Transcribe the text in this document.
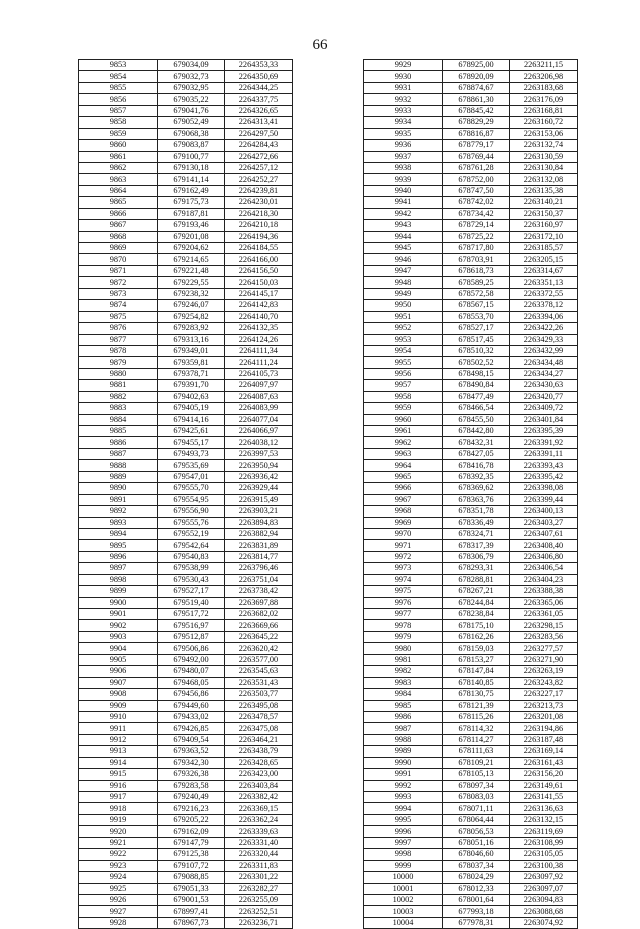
66
9853	679034,09	2264353,33
9854	679032,73	2264350,69
9855	679032,95	2264344,25
9856	679035,22	2264337,75
9857	679041,76	2264326,65
9858	679052,49	2264313,41
9859	679068,38	2264297,50
9860	679083,87	2264284,43
9861	679100,77	2264272,66
9862	679130,18	2264257,12
9863	679141,14	2264252,27
9864	679162,49	2264239,81
9865	679175,73	2264230,01
9866	679187,81	2264218,30
9867	679193,46	2264210,18
9868	679201,08	2264194,36
9869	679204,62	2264184,55
9870	679214,65	2264166,00
9871	679221,48	2264156,50
9872	679229,55	2264150,03
9873	679238,32	2264145,17
9874	679246,07	2264142,83
9875	679254,82	2264140,70
9876	679283,92	2264132,35
9877	679313,16	2264124,26
9878	679349,01	2264111,34
9879	679359,81	2264111,24
9880	679378,71	2264105,73
9881	679391,70	2264097,97
9882	679402,63	2264087,63
9883	679405,19	2264083,99
9884	679414,16	2264077,04
9885	679425,61	2264066,97
9886	679455,17	2264038,12
9887	679493,73	2263997,53
9888	679535,69	2263950,94
9889	679547,01	2263936,42
9890	679555,70	2263929,44
9891	679554,95	2263915,49
9892	679556,90	2263903,21
9893	679555,76	2263894,83
9894	679552,19	2263882,94
9895	679542,64	2263831,89
9896	679540,83	2263814,77
9897	679538,99	2263796,46
9898	679530,43	2263751,04
9899	679527,17	2263738,42
9900	679519,40	2263697,88
9901	679517,72	2263682,02
9902	679516,97	2263669,66
9903	679512,87	2263645,22
9904	679506,86	2263620,42
9905	679492,00	2263577,00
9906	679480,07	2263545,63
9907	679468,05	2263531,43
9908	679456,86	2263503,77
9909	679449,60	2263495,08
9910	679433,02	2263478,57
9911	679426,85	2263475,08
9912	679409,54	2263464,21
9913	679363,52	2263438,79
9914	679342,30	2263428,65
9915	679326,38	2263423,00
9916	679283,58	2263403,84
9917	679240,49	2263382,42
9918	679216,23	2263369,15
9919	679205,22	2263362,24
9920	679162,09	2263339,63
9921	679147,79	2263331,40
9922	679125,38	2263320,44
9923	679107,72	2263311,83
9924	679088,85	2263301,22
9925	679051,33	2263282,27
9926	679001,53	2263255,09
9927	678997,41	2263252,51
9928	678967,73	2263236,71
9929	678925,00	2263211,15
9930	678920,09	2263206,98
9931	678874,67	2263183,68
9932	678861,30	2263176,09
9933	678845,42	2263168,81
9934	678829,29	2263160,72
9935	678816,87	2263153,06
9936	678779,17	2263132,74
9937	678769,44	2263130,59
9938	678761,28	2263130,84
9939	678752,00	2263132,08
9940	678747,50	2263135,38
9941	678742,02	2263140,21
9942	678734,42	2263150,37
9943	678729,14	2263160,97
9944	678725,22	2263172,10
9945	678717,80	2263185,57
9946	678703,91	2263205,15
9947	678618,73	2263314,67
9948	678589,25	2263351,13
9949	678572,58	2263372,55
9950	678567,15	2263378,12
9951	678553,70	2263394,06
9952	678527,17	2263422,26
9953	678517,45	2263429,33
9954	678510,32	2263432,99
9955	678502,52	2263434,48
9956	678498,15	2263434,27
9957	678490,84	2263430,63
9958	678477,49	2263420,77
9959	678466,54	2263409,72
9960	678455,50	2263401,84
9961	678442,80	2263395,39
9962	678432,31	2263391,92
9963	678427,05	2263391,11
9964	678416,78	2263393,43
9965	678392,35	2263395,42
9966	678369,62	2263398,08
9967	678363,76	2263399,44
9968	678351,78	2263400,13
9969	678336,49	2263403,27
9970	678324,71	2263407,61
9971	678317,39	2263408,40
9972	678306,79	2263406,80
9973	678293,31	2263406,54
9974	678288,81	2263404,23
9975	678267,21	2263388,38
9976	678244,84	2263365,06
9977	678238,84	2263361,05
9978	678175,10	2263298,15
9979	678162,26	2263283,56
9980	678159,03	2263277,57
9981	678153,27	2263271,90
9982	678147,84	2263263,19
9983	678140,85	2263243,82
9984	678130,75	2263227,17
9985	678121,39	2263213,73
9986	678115,26	2263201,08
9987	678114,32	2263194,86
9988	678114,27	2263187,48
9989	678111,63	2263169,14
9990	678109,21	2263161,43
9991	678105,13	2263156,20
9992	678097,34	2263149,61
9993	678083,03	2263141,55
9994	678071,11	2263136,63
9995	678064,44	2263132,15
9996	678056,53	2263119,69
9997	678051,16	2263108,99
9998	678046,60	2263105,05
9999	678037,34	2263100,38
10000	678024,29	2263097,92
10001	678012,33	2263097,07
10002	678001,64	2263094,83
10003	677993,18	2263088,68
10004	677978,31	2263074,92
